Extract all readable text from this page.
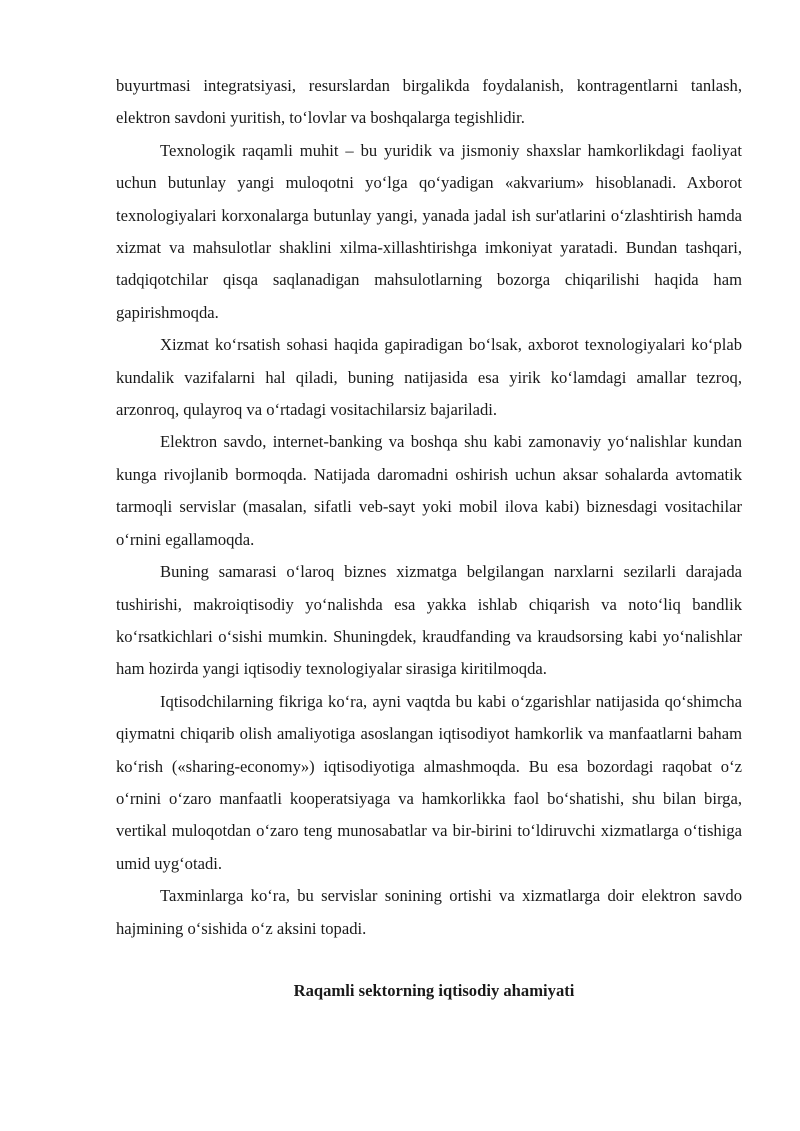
buyurtmasi integratsiyasi, resurslardan birgalikda foydalanish, kontragentlarni tanlash, elektron savdoni yuritish, to‘lovlar va boshqalarga tegishlidir.

Texnologik raqamli muhit – bu yuridik va jismoniy shaxslar hamkorlikdagi faoliyat uchun butunlay yangi muloqotni yo‘lga qo‘yadigan «akvarium» hisoblanadi. Axborot texnologiyalari korxonalarga butunlay yangi, yanada jadal ish sur'atlarini o‘zlashtirish hamda xizmat va mahsulotlar shaklini xilma-xillashtirishga imkoniyat yaratadi. Bundan tashqari, tadqiqotchilar qisqa saqlanadigan mahsulotlarning bozorga chiqarilishi haqida ham gapirishmoqda.

Xizmat ko‘rsatish sohasi haqida gapiradigan bo‘lsak, axborot texnologiyalari ko‘plab kundalik vazifalarni hal qiladi, buning natijasida esa yirik ko‘lamdagi amallar tezroq, arzonroq, qulayroq va o‘rtadagi vositachilarsiz bajariladi.

Elektron savdo, internet-banking va boshqa shu kabi zamonaviy yo‘nalishlar kundan kunga rivojlanib bormoqda. Natijada daromadni oshirish uchun aksar sohalarda avtomatik tarmoqli servislar (masalan, sifatli veb-sayt yoki mobil ilova kabi) biznesdagi vositachilar o‘rnini egallamoqda.

Buning samarasi o‘laroq biznes xizmatga belgilangan narxlarni sezilarli darajada tushirishi, makroiqtisodiy yo‘nalishda esa yakka ishlab chiqarish va noto‘liq bandlik ko‘rsatkichlari o‘sishi mumkin. Shuningdek, kraudfanding va kraudsorsing kabi yo‘nalishlar ham hozirda yangi iqtisodiy texnologiyalar sirasiga kiritilmoqda.

Iqtisodchilarning fikriga ko‘ra, ayni vaqtda bu kabi o‘zgarishlar natijasida qo‘shimcha qiymatni chiqarib olish amaliyotiga asoslangan iqtisodiyot hamkorlik va manfaatlarni baham ko‘rish («sharing-economy») iqtisodiyotiga almashmoqda. Bu esa bozordagi raqobat o‘z o‘rnini o‘zaro manfaatli kooperatsiyaga va hamkorlikka faol bo‘shatishi, shu bilan birga, vertikal muloqotdan o‘zaro teng munosabatlar va bir-birini to‘ldiruvchi xizmatlarga o‘tishiga umid uyg‘otadi.

Taxminlarga ko‘ra, bu servislar sonining ortishi va xizmatlarga doir elektron savdo hajmining o‘sishida o‘z aksini topadi.

Raqamli sektorning iqtisodiy ahamiyati
